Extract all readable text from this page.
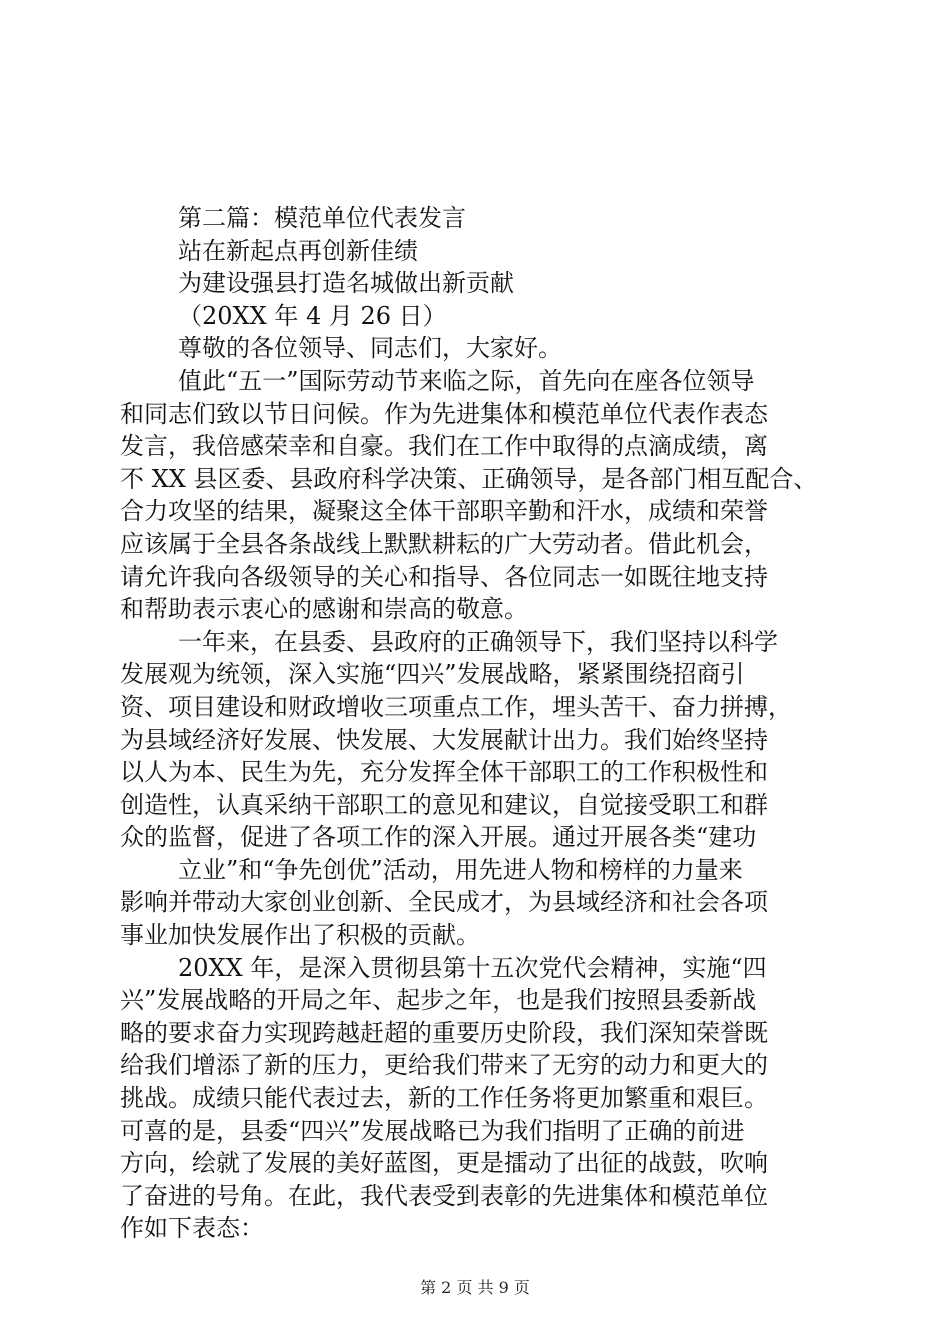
第二篇：模范单位代表发言
站在新起点再创新佳绩
为建设强县打造名城做出新贡献
（20XX 年 4 月 26 日）
尊敬的各位领导、同志们，大家好。
值此“五一”国际劳动节来临之际，首先向在座各位领导
和同志们致以节日问候。作为先进集体和模范单位代表作表态
发言，我倍感荣幸和自豪。我们在工作中取得的点滴成绩，离
不 XX 县区委、县政府科学决策、正确领导，是各部门相互配合、
合力攻坚的结果，凝聚这全体干部职辛勤和汗水，成绩和荣誉
应该属于全县各条战线上默默耕耘的广大劳动者。借此机会，
请允许我向各级领导的关心和指导、各位同志一如既往地支持
和帮助表示衷心的感谢和崇高的敬意。
一年来，在县委、县政府的正确领导下，我们坚持以科学
发展观为统领，深入实施“四兴”发展战略，紧紧围绕招商引
资、项目建设和财政增收三项重点工作，埋头苦干、奋力拼搏，
为县域经济好发展、快发展、大发展献计出力。我们始终坚持
以人为本、民生为先，充分发挥全体干部职工的工作积极性和
创造性，认真采纳干部职工的意见和建议，自觉接受职工和群
众的监督，促进了各项工作的深入开展。通过开展各类“建功
立业”和“争先创优”活动，用先进人物和榜样的力量来
影响并带动大家创业创新、全民成才，为县域经济和社会各项
事业加快发展作出了积极的贡献。
20XX 年，是深入贯彻县第十五次党代会精神，实施“四
兴”发展战略的开局之年、起步之年，也是我们按照县委新战
略的要求奋力实现跨越赶超的重要历史阶段，我们深知荣誉既
给我们增添了新的压力，更给我们带来了无穷的动力和更大的
挑战。成绩只能代表过去，新的工作任务将更加繁重和艰巨。
可喜的是，县委“四兴”发展战略已为我们指明了正确的前进
方向，绘就了发展的美好蓝图，更是擂动了出征的战鼓，吹响
了奋进的号角。在此，我代表受到表彰的先进集体和模范单位
作如下表态：
第 2 页 共 9 页
